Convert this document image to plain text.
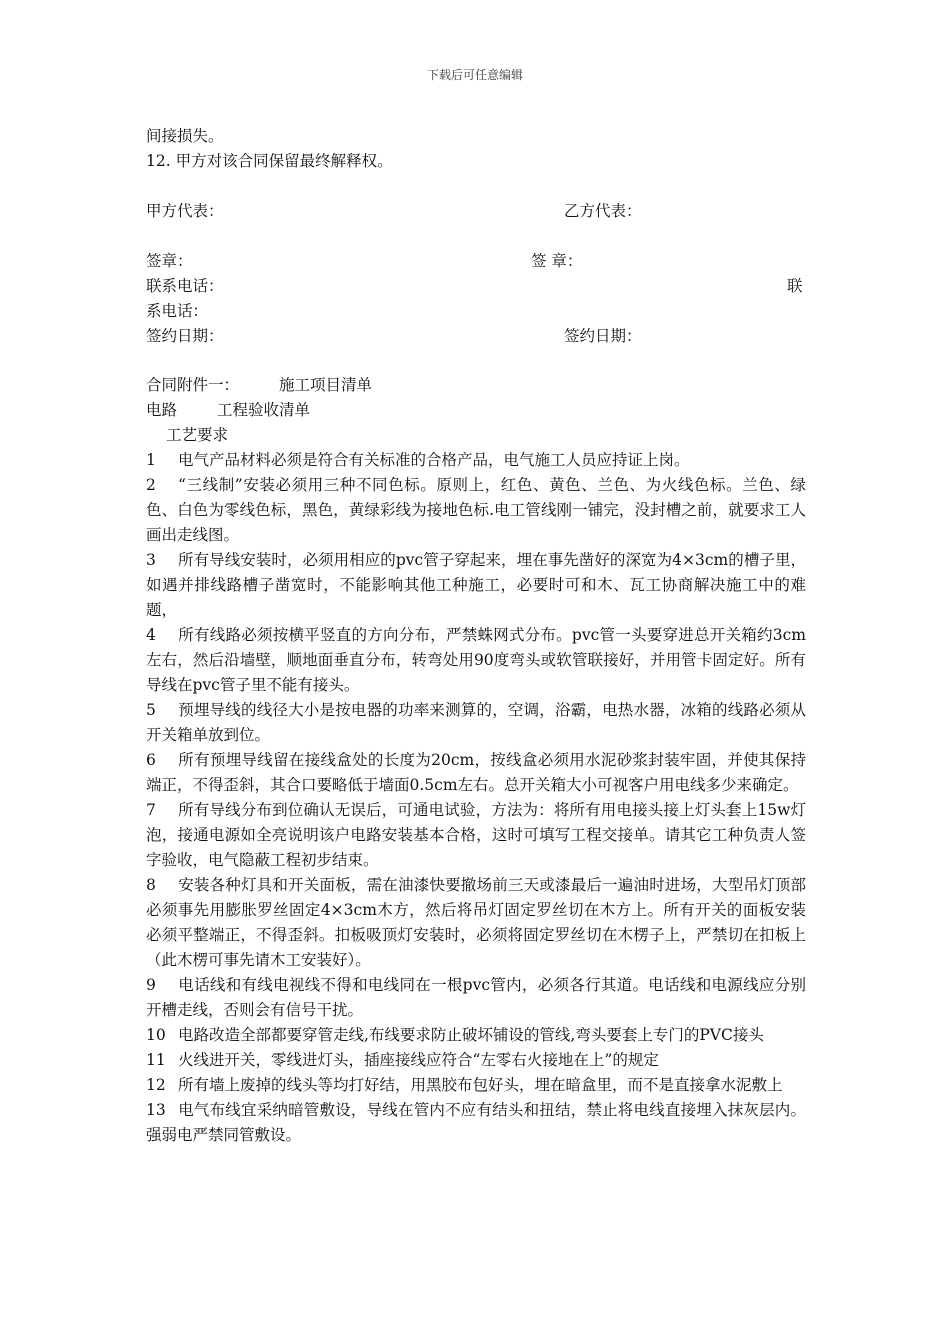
下载后可任意编辑
间接损失。
12. 甲方对该合同保留最终解释权。
甲方代表：	乙方代表：
签章：	签 章：
联系电话：	联
系电话：
签约日期：	签约日期：
合同附件一：	施工项目清单
电路	工程验收清单
工艺要求

1 电气产品材料必须是符合有关标准的合格产品，电气施工人员应持证上岗。

2 “三线制”安装必须用三种不同色标。原则上，红色、黄色、兰色、为火线色标。兰色、绿色、白色为零线色标，黑色，黄绿彩线为接地色标.电工管线刚一铺完，没封槽之前，就要求工人画出走线图。

3 所有导线安装时，必须用相应的pvc管子穿起来，埋在事先凿好的深宽为4×3cm的槽子里，如遇并排线路槽子凿宽时，不能影响其他工种施工，必要时可和木、瓦工协商解决施工中的难题，

4 所有线路必须按横平竖直的方向分布，严禁蛛网式分布。pvc管一头要穿进总开关箱约3cm左右，然后沿墙壁，顺地面垂直分布，转弯处用90度弯头或软管联接好，并用管卡固定好。所有导线在pvc管子里不能有接头。

5 预埋导线的线径大小是按电器的功率来测算的，空调，浴霸，电热水器，冰箱的线路必须从开关箱单放到位。

6 所有预埋导线留在接线盒处的长度为20cm，按线盒必须用水泥砂浆封装牢固，并使其保持端正，不得歪斜，其合口要略低于墙面0.5cm左右。总开关箱大小可视客户用电线多少来确定。

7 所有导线分布到位确认无误后，可通电试验，方法为：将所有用电接头接上灯头套上15w灯泡，接通电源如全亮说明该户电路安装基本合格，这时可填写工程交接单。请其它工种负责人签字验收，电气隐蔽工程初步结束。

8 安装各种灯具和开关面板，需在油漆快要撤场前三天或漆最后一遍油时进场，大型吊灯顶部必须事先用膨胀罗丝固定4×3cm木方，然后将吊灯固定罗丝切在木方上。所有开关的面板安装必须平整端正，不得歪斜。扣板吸顶灯安装时，必须将固定罗丝切在木楞子上，严禁切在扣板上（此木楞可事先请木工安装好）。

9 电话线和有线电视线不得和电线同在一根pvc管内，必须各行其道。电话线和电源线应分别开槽走线，否则会有信号干扰。

10 电路改造全部都要穿管走线,布线要求防止破坏铺设的管线,弯头要套上专门的PVC接头

11 火线进开关，零线进灯头，插座接线应符合“左零右火接地在上”的规定

12 所有墙上废掉的线头等均打好结，用黑胶布包好头，埋在暗盒里，而不是直接拿水泥敷上

13 电气布线宜采纳暗管敷设，导线在管内不应有结头和扭结，禁止将电线直接埋入抹灰层内。强弱电严禁同管敷设。
